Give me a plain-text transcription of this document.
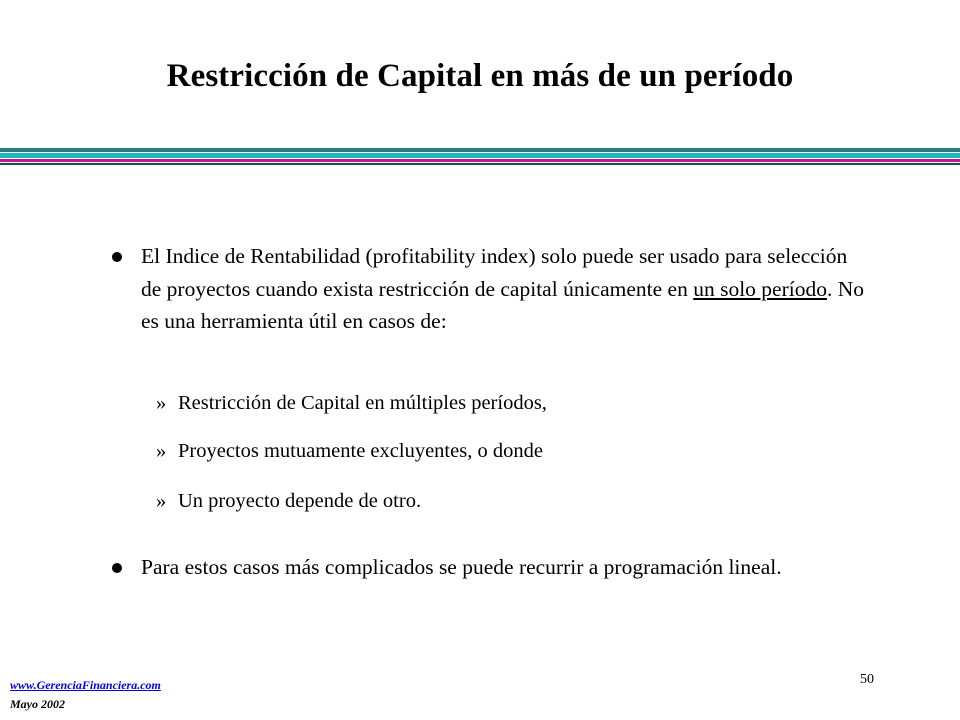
Restricción de Capital en más de un período
El Indice de Rentabilidad (profitability index) solo puede ser usado para selección de proyectos cuando exista restricción de capital únicamente en un solo período. No es una herramienta útil en casos de:
» Restricción de Capital en múltiples períodos,
» Proyectos mutuamente excluyentes, o donde
» Un proyecto depende de otro.
Para estos casos más complicados se puede recurrir a programación lineal.
www.GerenciaFinanciera.com
Mayo 2002
50
